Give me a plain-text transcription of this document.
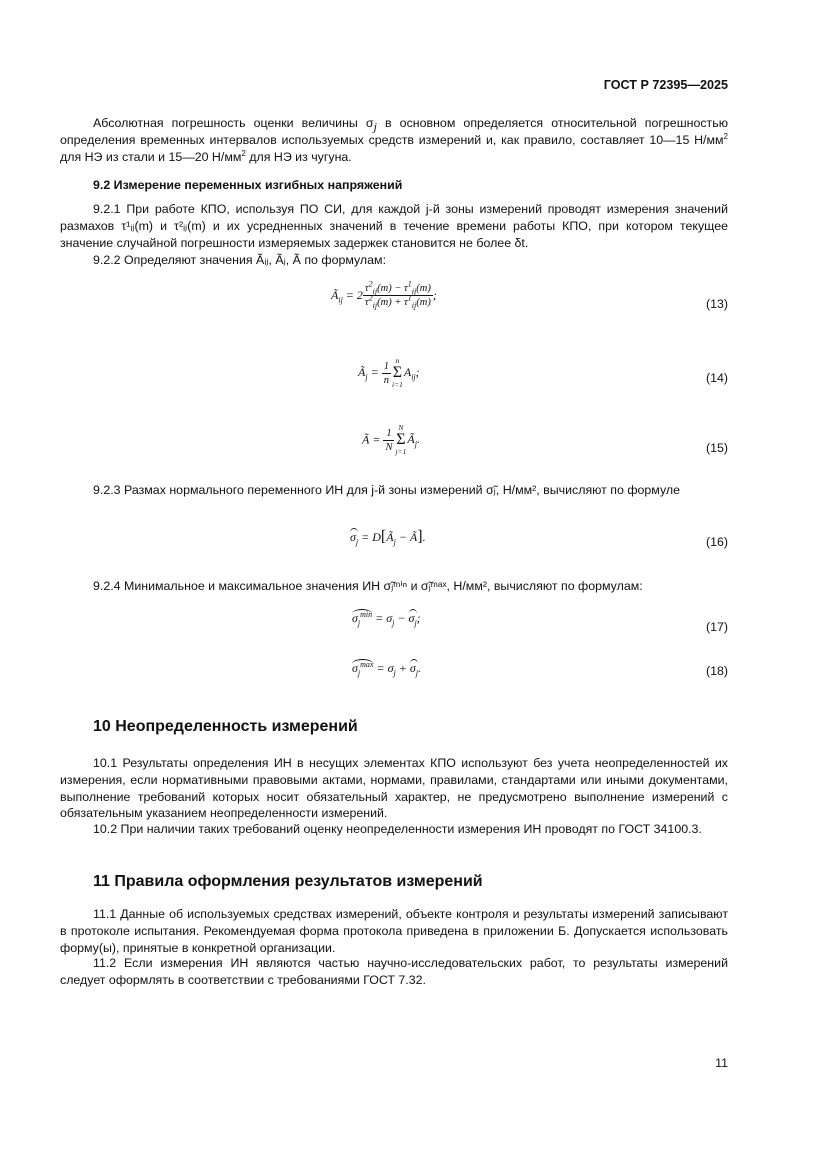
ГОСТ Р 72395—2025

Абсолютная погрешность оценки величины $\sigma_j$ в основном определяется относительной погрешностью определения временных интервалов используемых средств измерений и, как правило, составляет 10—15 $Н/мм^2$ для НЭ из стали и 15—20 $Н/мм^2$ для НЭ из чугуна.

9.2 Измерение переменных изгибных напряжений

9.2.1 При работе КПО, используя ПО СИ, для каждой j-й зоны измерений проводят измерения значений размахов τ¹ᵢⱼ(m) и τ²ᵢⱼ(m) и их усредненных значений в течение времени работы КПО, при котором текущее значение случайной погрешности измеряемых задержек становится не более δt.

9.2.2 Определяют значения Ãᵢⱼ, Ãⱼ, Ã по формулам:

$Ã_{ij} = 2 \frac{\tau^2_{ij}(m) - \tau^1_{ij}(m)}{\tau^2_{ij}(m) + \tau^1_{ij}(m)}$ ;
(13)
$Ã_j = \frac{1}{n}$ n
Σ
i=1
$A_{ij}$;	(14)
Ã = $\frac{1}{N}$ N
Σ
j=1
$Ã_j$.
(15)

9.2.3 Размах нормального переменного ИН для j-й зоны измерений σ̃ⱼ, Н/мм², вычисляют по формуле

$\sigma_j$ = $D[Ã_j$ − Ã].	(16)

9.2.4 Минимальное и максимальное значения ИН σ̃ⱼᵐⁱⁿ и σ̃ⱼᵐᵃˣ, Н/мм², вычисляют по формулам:

$\sigma_j^{min} = \sigma_j - \sigma_j$;
(17)
$\sigma_j^{max} = \sigma_j + \sigma_j$.	(18)
10 Неопределенность измерений

10.1 Результаты определения ИН в несущих элементах КПО используют без учета неопределенностей их измерения, если нормативными правовыми актами, нормами, правилами, стандартами или иными документами, выполнение требований которых носит обязательный характер, не предусмотрено выполнение измерений с обязательным указанием неопределенности измерений.

10.2 При наличии таких требований оценку неопределенности измерения ИН проводят по ГОСТ 34100.3.

11 Правила оформления результатов измерений

11.1 Данные об используемых средствах измерений, объекте контроля и результаты измерений записывают в протоколе испытания. Рекомендуемая форма протокола приведена в приложении Б. Допускается использовать форму(ы), принятые в конкретной организации.

11.2 Если измерения ИН являются частью научно-исследовательских работ, то результаты измерений следует оформлять в соответствии с требованиями ГОСТ 7.32.

11
